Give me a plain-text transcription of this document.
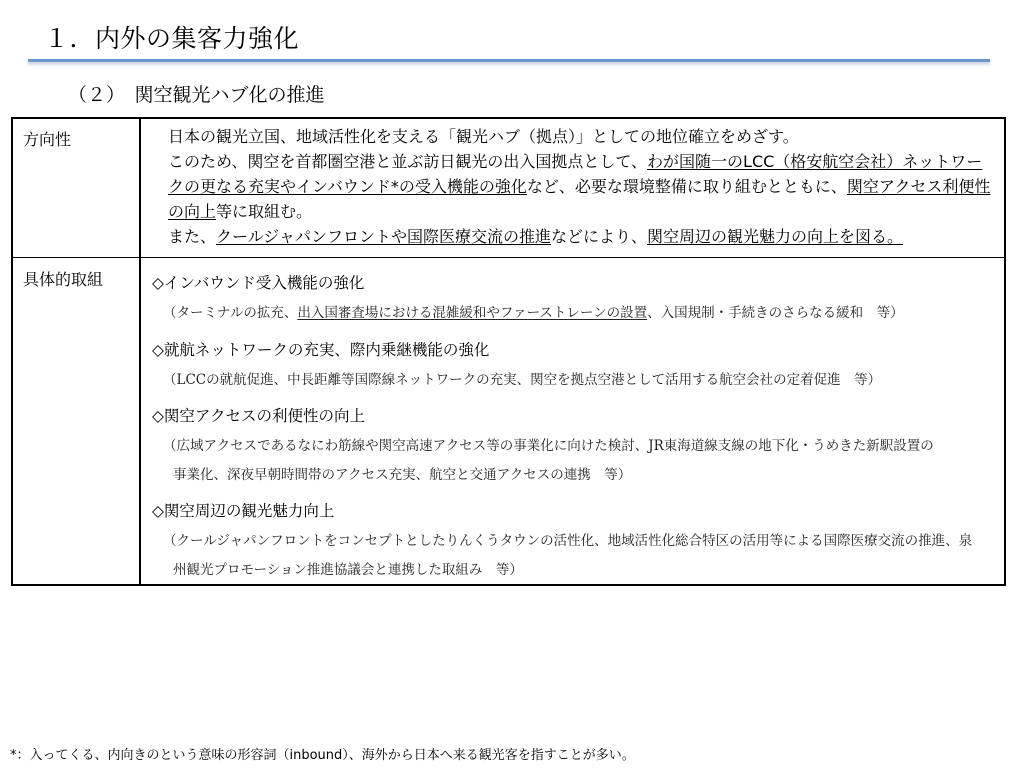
１．内外の集客力強化
（２）　関空観光ハブ化の推進
方向性
具体的取組

日本の観光立国、地域活性化を支える「観光ハブ（拠点）」としての地位確立をめざす。

このため、関空を首都圏空港と並ぶ訪日観光の出入国拠点として、わが国随一のLCC（格安航空会社）ネットワークの更なる充実やインバウンド*の受入機能の強化など、必要な環境整備に取り組むとともに、関空アクセス利便性の向上等に取組む。

また、クールジャパンフロントや国際医療交流の推進などにより、関空周辺の観光魅力の向上を図る。

◇インバウンド受入機能の強化
（ターミナルの拡充、出入国審査場における混雑緩和やファーストレーンの設置、入国規制・手続きのさらなる緩和　等）
◇就航ネットワークの充実、際内乗継機能の強化
（LCCの就航促進、中長距離等国際線ネットワークの充実、関空を拠点空港として活用する航空会社の定着促進　等）
◇関空アクセスの利便性の向上
（広域アクセスであるなにわ筋線や関空高速アクセス等の事業化に向けた検討、JR東海道線支線の地下化・うめきた新駅設置の
事業化、深夜早朝時間帯のアクセス充実、航空と交通アクセスの連携　等）
◇関空周辺の観光魅力向上
（クールジャパンフロントをコンセプトとしたりんくうタウンの活性化、地域活性化総合特区の活用等による国際医療交流の推進、泉
州観光プロモーション推進協議会と連携した取組み　等）
*：入ってくる、内向きのという意味の形容詞（inbound）、海外から日本へ来る観光客を指すことが多い。
